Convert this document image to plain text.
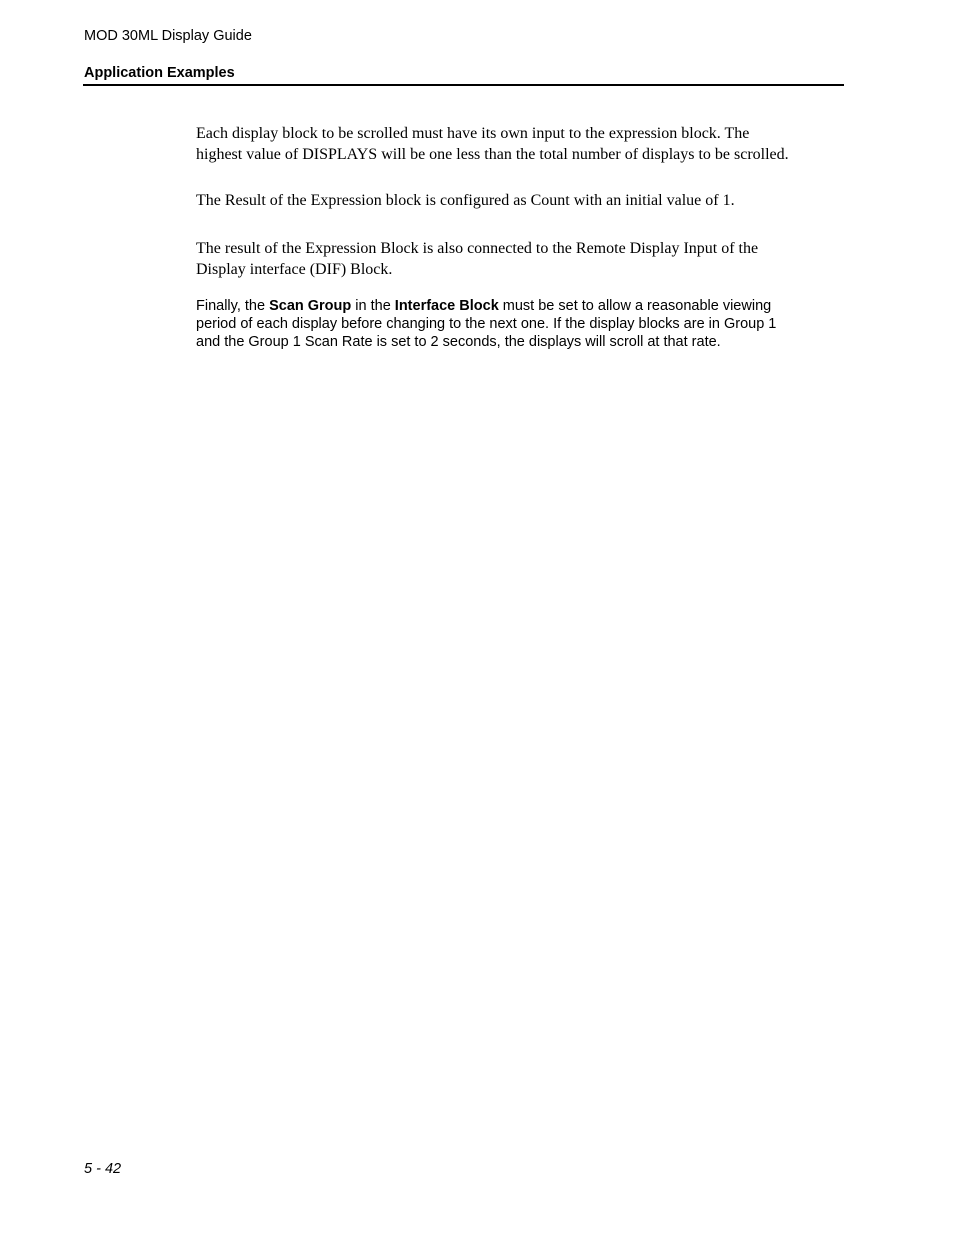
MOD 30ML Display Guide
Application Examples

Each display block to be scrolled must have its own input to the expression block. The
highest value of DISPLAYS will be one less than the total number of displays to be scrolled.

The Result of the Expression block is configured as Count with an initial value of 1.

The result of the Expression Block is also connected to the Remote Display Input of the
Display interface (DIF) Block.

Finally, the Scan Group in the Interface Block must be set to allow a reasonable viewing
period of each display before changing to the next one. If the display blocks are in Group 1
and the Group 1 Scan Rate is set to 2 seconds, the displays will scroll at that rate.

5 - 42
